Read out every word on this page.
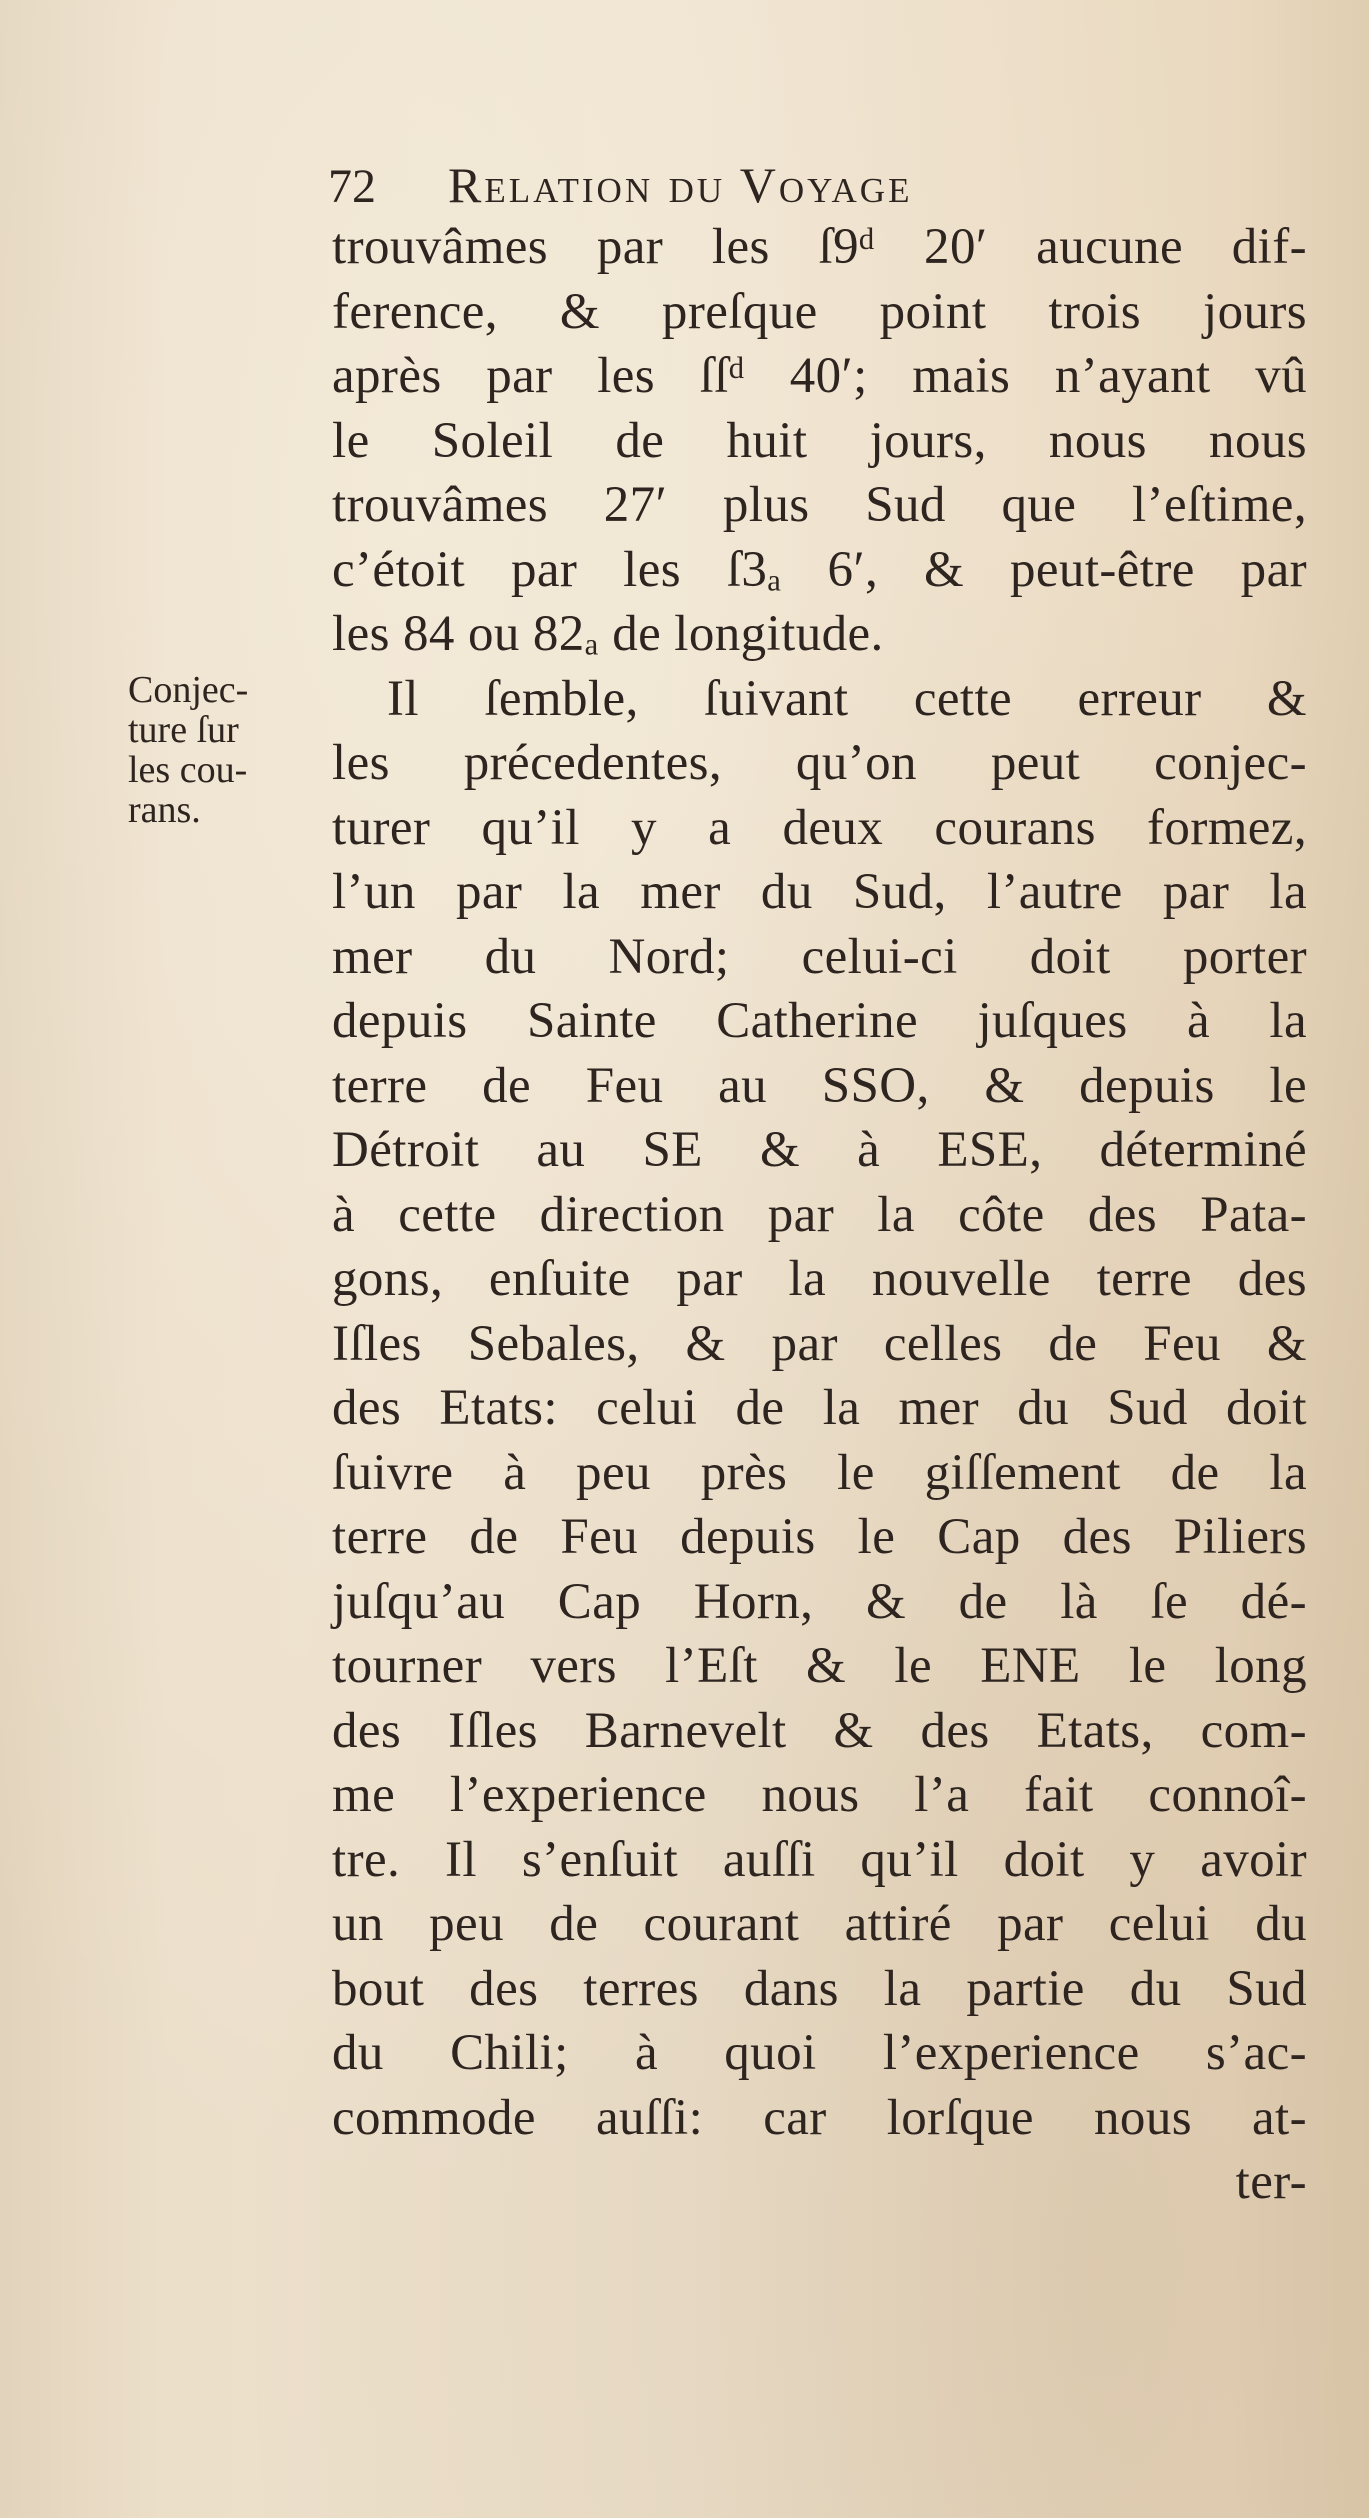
72 Relation du Voyage
Conjec-
ture ſur
les cou-
rans.
trouvâmes par les ſ9ᵈ 20′ aucune dif-
ference, & preſque point trois jours
après par les ſſᵈ 40′; mais n’ayant vû
le Soleil de huit jours, nous nous
trouvâmes 27′ plus Sud que l’eſtime,
c’étoit par les ſ3ₐ 6′, & peut-être par
les 84 ou 82ₐ de longitude.
Il ſemble, ſuivant cette erreur &
les précedentes, qu’on peut conjec-
turer qu’il y a deux courans formez,
l’un par la mer du Sud, l’autre par la
mer du Nord; celui-ci doit porter
depuis Sainte Catherine juſques à la
terre de Feu au SSO, & depuis le
Détroit au SE & à ESE, déterminé
à cette direction par la côte des Pata-
gons, enſuite par la nouvelle terre des
Iſles Sebales, & par celles de Feu &
des Etats: celui de la mer du Sud doit
ſuivre à peu près le giſſement de la
terre de Feu depuis le Cap des Piliers
juſqu’au Cap Horn, & de là ſe dé-
tourner vers l’Eſt & le ENE le long
des Iſles Barnevelt & des Etats, com-
me l’experience nous l’a fait connoî-
tre. Il s’enſuit auſſi qu’il doit y avoir
un peu de courant attiré par celui du
bout des terres dans la partie du Sud
du Chili; à quoi l’experience s’ac-
commode auſſi: car lorſque nous at-
ter-
